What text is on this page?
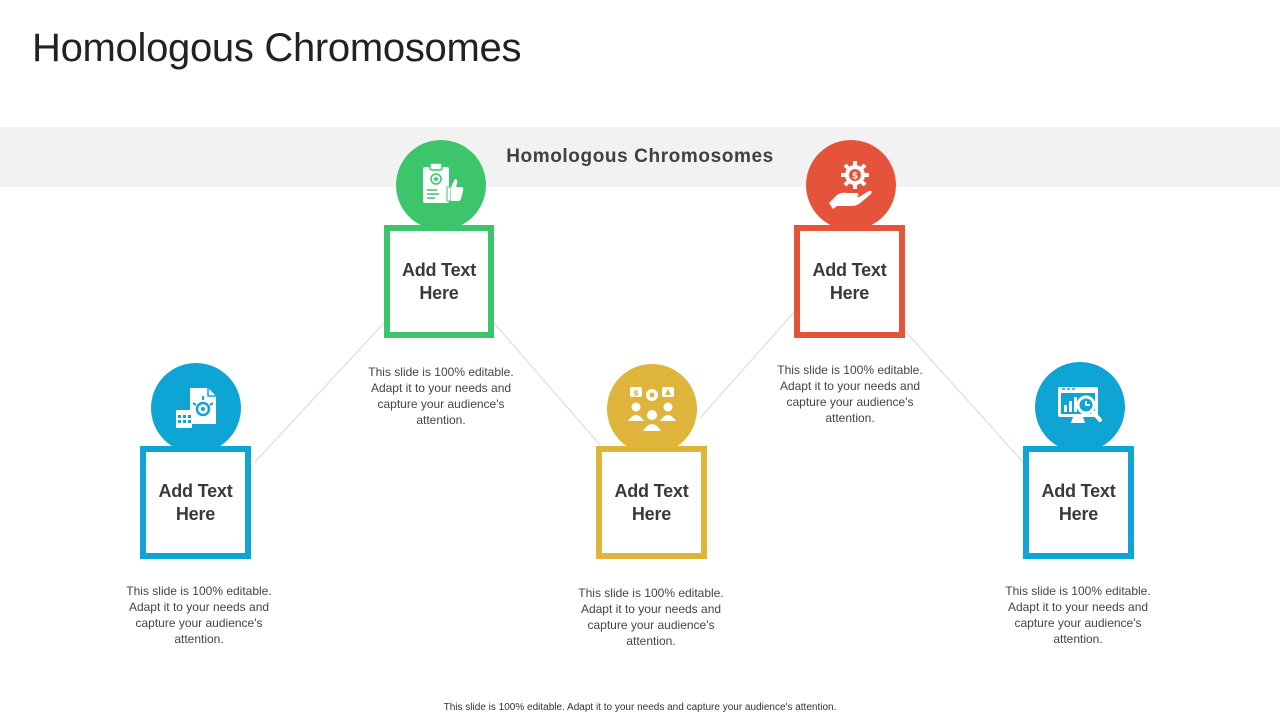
Homologous Chromosomes
Homologous Chromosomes
Add Text Here
This slide is 100% editable. Adapt it to your needs and capture your audience's attention.
Add Text Here
This slide is 100% editable. Adapt it to your needs and capture your audience's attention.
$
Add Text Here
This slide is 100% editable. Adapt it to your needs and capture your audience's attention.
$
Add Text Here
This slide is 100% editable. Adapt it to your needs and capture your audience's attention.
Add Text Here
This slide is 100% editable. Adapt it to your needs and capture your audience's attention.
This slide is 100% editable. Adapt it to your needs and capture your audience's attention.
